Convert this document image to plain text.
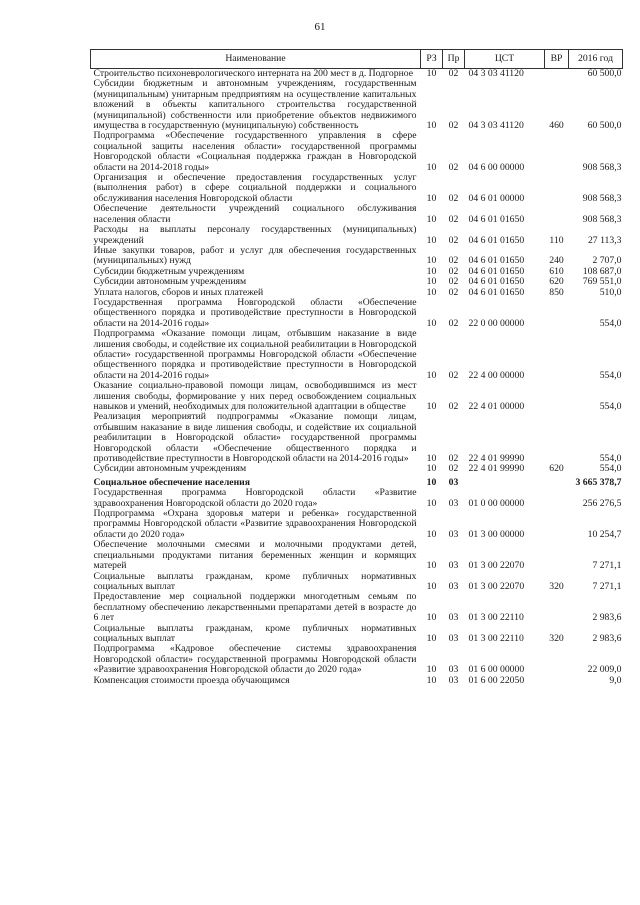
61
Наименование	РЗ	Пр	ЦСТ	ВР	2016 год
Строительство психоневрологического интерната на 200 мест в д. Подгорное	10	02	04 3 03 41120		60 500,0
Субсидии бюджетным и автономным учреждениям, государственным (муниципальным) унитарным предприятиям на осуществление капитальных вложений в объекты капитального строительства государственной (муниципальной) собственности или приобретение объектов недвижимого имущества в государственную (муниципальную) собственность	10	02	04 3 03 41120	460	60 500,0
Подпрограмма «Обеспечение государственного управления в сфере социальной защиты населения области» государственной программы Новгородской области «Социальная поддержка граждан в Новгородской области на 2014-2018 годы»	10	02	04 6 00 00000		908 568,3
Организация и обеспечение предоставления государственных услуг (выполнения работ) в сфере социальной поддержки и социального обслуживания населения Новгородской области	10	02	04 6 01 00000		908 568,3
Обеспечение деятельности учреждений социального обслуживания населения области	10	02	04 6 01 01650		908 568,3
Расходы на выплаты персоналу государственных (муниципальных) учреждений	10	02	04 6 01 01650	110	27 113,3
Иные закупки товаров, работ и услуг для обеспечения государственных (муниципальных) нужд	10	02	04 6 01 01650	240	2 707,0
Субсидии бюджетным учреждениям	10	02	04 6 01 01650	610	108 687,0
Субсидии автономным учреждениям	10	02	04 6 01 01650	620	769 551,0
Уплата налогов, сборов и иных платежей	10	02	04 6 01 01650	850	510,0
Государственная программа Новгородской области «Обеспечение общественного порядка и противодействие преступности в Новгородской области на 2014-2016 годы»	10	02	22 0 00 00000		554,0
Подпрограмма «Оказание помощи лицам, отбывшим наказание в виде лишения свободы, и содействие их социальной реабилитации в Новгородской области» государственной программы Новгородской области «Обеспечение общественного порядка и противодействие преступности в Новгородской области на 2014-2016 годы»	10	02	22 4 00 00000		554,0
Оказание социально-правовой помощи лицам, освободившимся из мест лишения свободы, формирование у них перед освобождением социальных навыков и умений, необходимых для положительной адаптации в обществе	10	02	22 4 01 00000		554,0
Реализация мероприятий подпрограммы «Оказание помощи лицам, отбывшим наказание в виде лишения свободы, и содействие их социальной реабилитации в Новгородской области» государственной программы Новгородской области «Обеспечение общественного порядка и противодействие преступности в Новгородской области на 2014-2016 годы»	10	02	22 4 01 99990		554,0
Субсидии автономным учреждениям	10	02	22 4 01 99990	620	554,0
Социальное обеспечение населения	10	03			3 665 378,7
Государственная программа Новгородской области «Развитие здравоохранения Новгородской области до 2020 года»	10	03	01 0 00 00000		256 276,5
Подпрограмма «Охрана здоровья матери и ребенка» государственной программы Новгородской области «Развитие здравоохранения Новгородской области до 2020 года»	10	03	01 3 00 00000		10 254,7
Обеспечение молочными смесями и молочными продуктами детей, специальными продуктами питания беременных женщин и кормящих матерей	10	03	01 3 00 22070		7 271,1
Социальные выплаты гражданам, кроме публичных нормативных социальных выплат	10	03	01 3 00 22070	320	7 271,1
Предоставление мер социальной поддержки многодетным семьям по бесплатному обеспечению лекарственными препаратами детей в возрасте до 6 лет	10	03	01 3 00 22110		2 983,6
Социальные выплаты гражданам, кроме публичных нормативных социальных выплат	10	03	01 3 00 22110	320	2 983,6
Подпрограмма «Кадровое обеспечение системы здравоохранения Новгородской области» государственной программы Новгородской области «Развитие здравоохранения Новгородской области до 2020 года»	10	03	01 6 00 00000		22 009,0
Компенсация стоимости проезда обучающимся	10	03	01 6 00 22050		9,0
